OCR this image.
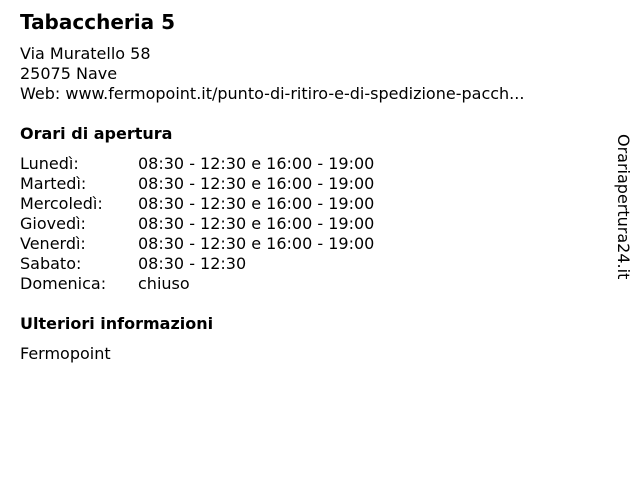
Tabaccheria 5
Via Muratello 58
25075 Nave
Web: www.fermopoint.it/punto-di-ritiro-e-di-spedizione-pacch...
Orari di apertura
Lunedì:	08:30 - 12:30 e 16:00 - 19:00
Martedì:	08:30 - 12:30 e 16:00 - 19:00
Mercoledì: 08:30 - 12:30 e 16:00 - 19:00
Giovedì:	08:30 - 12:30 e 16:00 - 19:00
Venerdì:	08:30 - 12:30 e 16:00 - 19:00
Sabato:	08:30 - 12:30
Domenica: chiuso
Ulteriori informazioni
Fermopoint
Orariapertura24.it
